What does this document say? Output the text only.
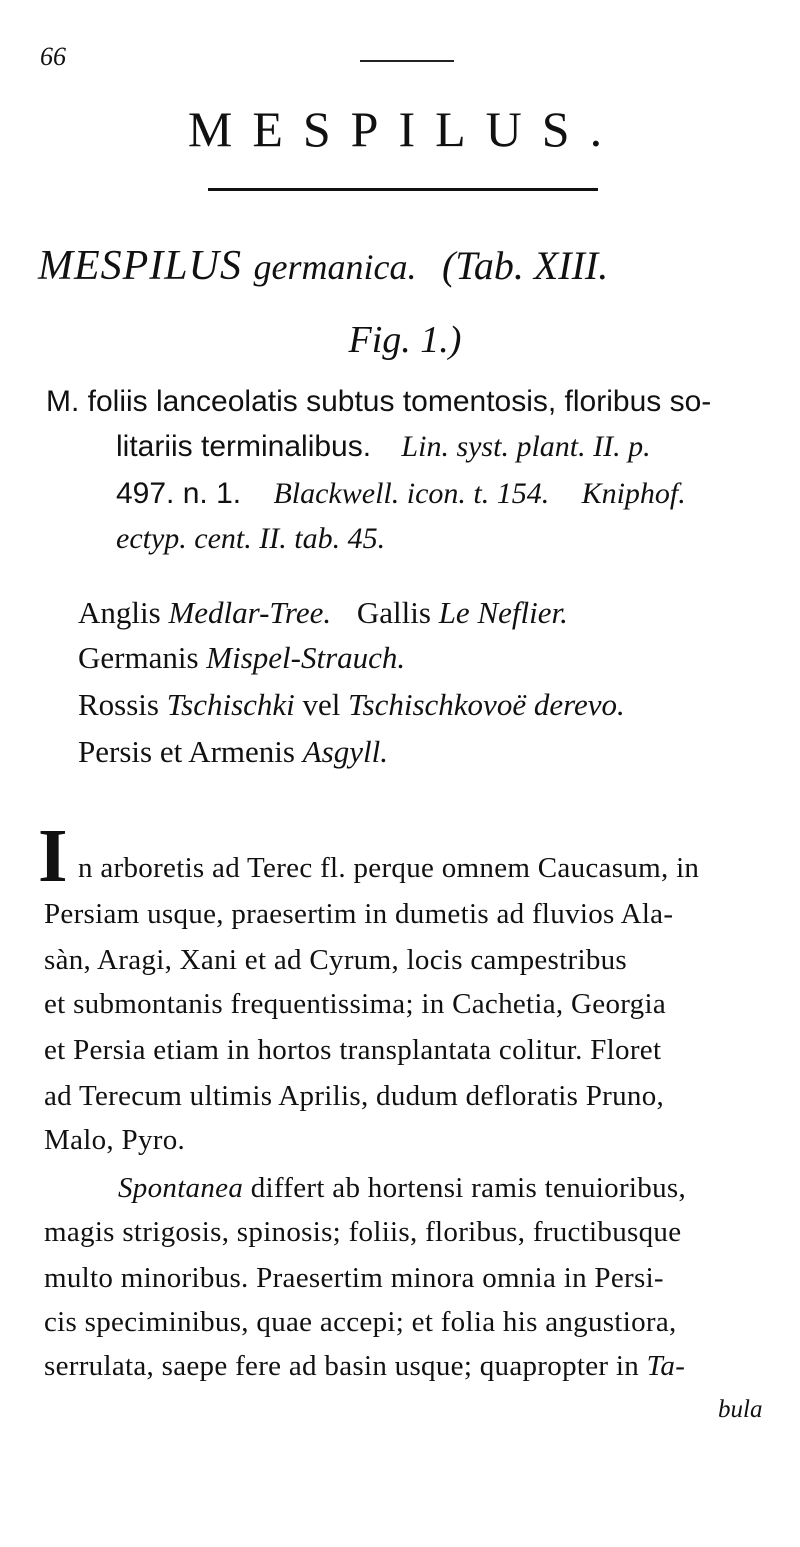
66
MESPILUS.
MESPILUS germanica. (Tab. XIII.
Fig. 1.)
M. foliis lanceolatis subtus tomentosis, floribus so-
litariis terminalibus. Lin. syst. plant. II. p.
497. n. 1. Blackwell. icon. t. 154. Kniphof.
ectyp. cent. II. tab. 45.
Anglis Medlar-Tree. Gallis Le Neflier.
Germanis Mispel-Strauch.
Rossis Tschischki vel Tschischkovoë derevo.
Persis et Armenis Asgyll.
I n arboretis ad Terec fl. perque omnem Caucasum, in
Persiam usque, praesertim in dumetis ad fluvios Ala-
sàn, Aragi, Xani et ad Cyrum, locis campestribus
et submontanis frequentissima; in Cachetia, Georgia
et Persia etiam in hortos transplantata colitur. Floret
ad Terecum ultimis Aprilis, dudum defloratis Pruno,
Malo, Pyro.
Spontanea differt ab hortensi ramis tenuioribus,
magis strigosis, spinosis; foliis, floribus, fructibusque
multo minoribus. Praesertim minora omnia in Persi-
cis speciminibus, quae accepi; et folia his angustiora,
serrulata, saepe fere ad basin usque; quapropter in Ta-
bula
